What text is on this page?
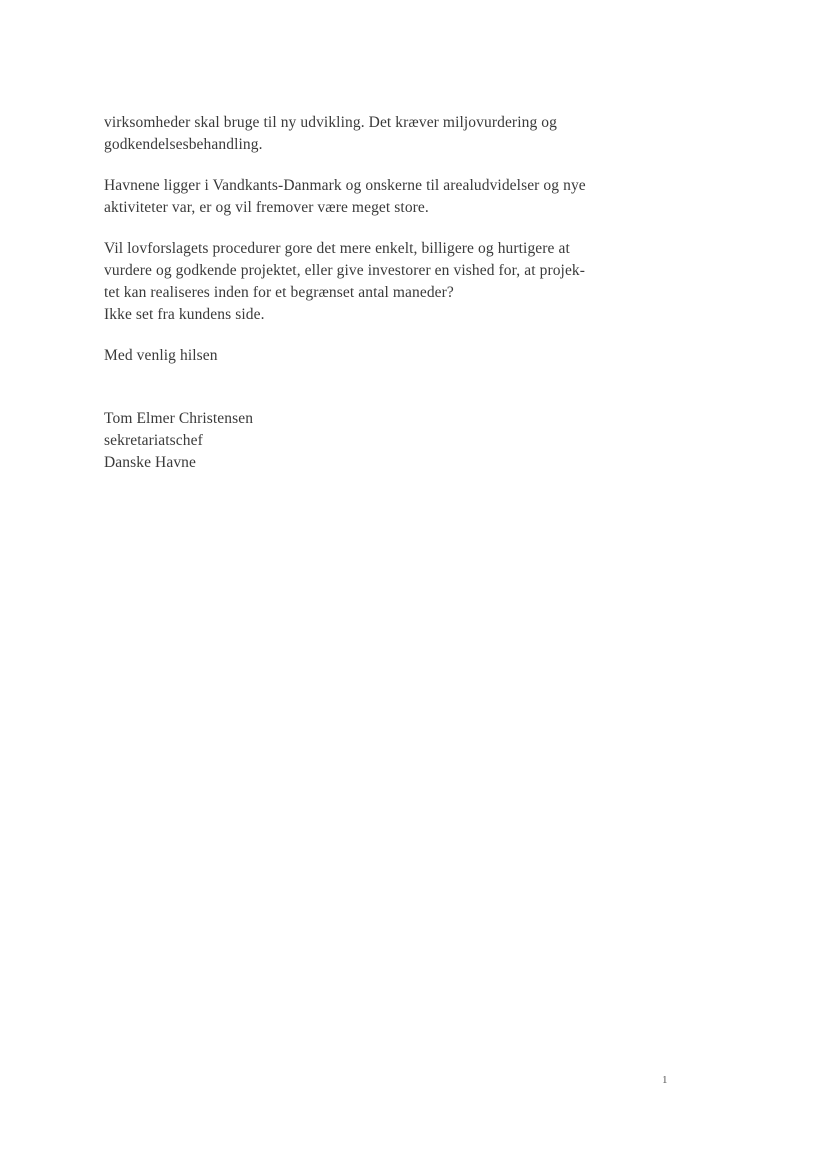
virksomheder skal bruge til ny udvikling. Det kræver miljovurdering og
godkendelsesbehandling.
Havnene ligger i Vandkants-Danmark og onskerne til arealudvidelser og nye
aktiviteter var, er og vil fremover være meget store.
Vil lovforslagets procedurer gore det mere enkelt, billigere og hurtigere at
vurdere og godkende projektet, eller give investorer en vished for, at projek-
tet kan realiseres inden for et begrænset antal maneder?
Ikke set fra kundens side.
Med venlig hilsen
Tom Elmer Christensen
sekretariatschef
Danske Havne
1
